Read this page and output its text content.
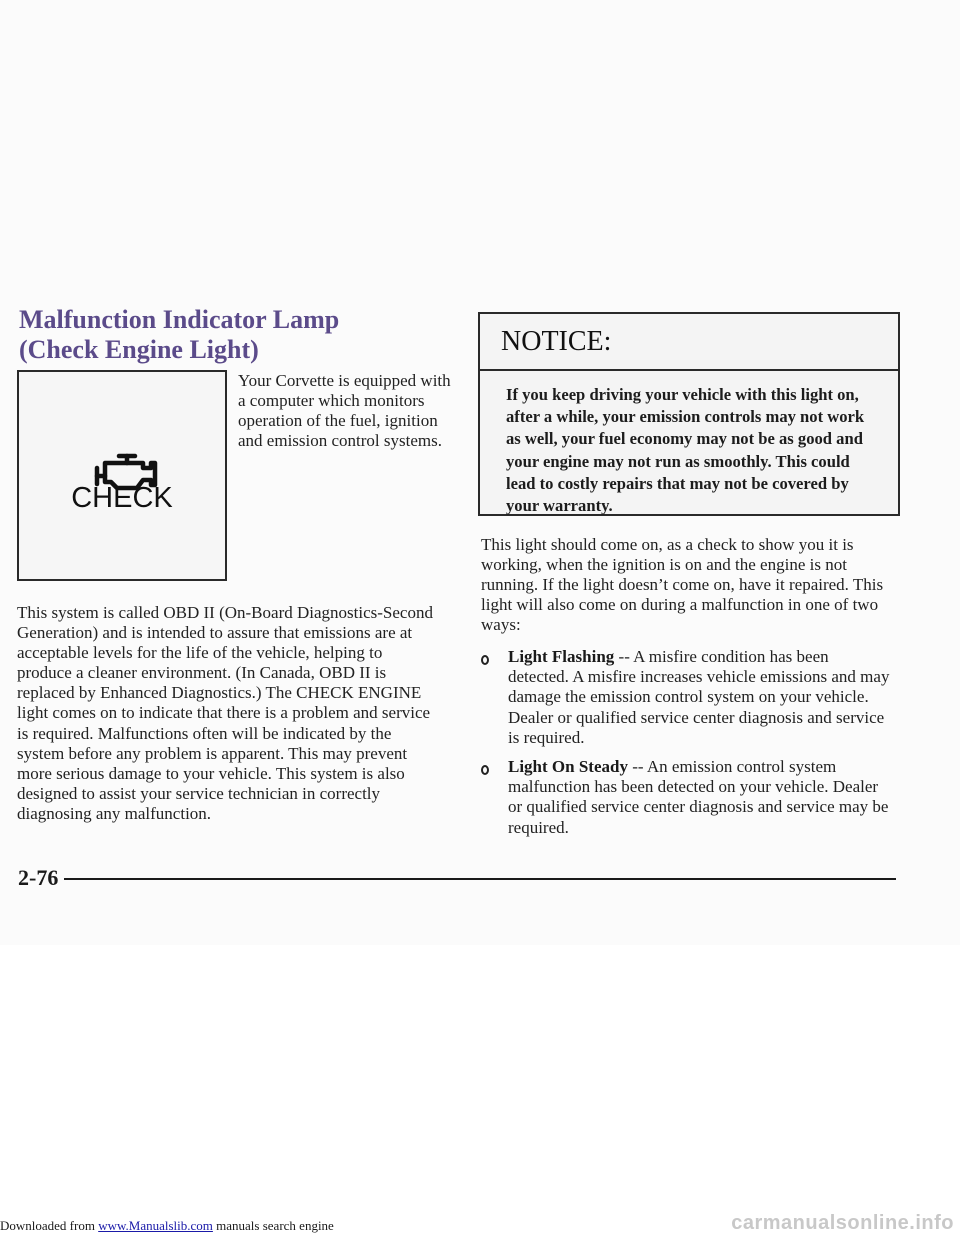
Malfunction Indicator Lamp
(Check Engine Light)
CHECK

Your Corvette is equipped with a computer which monitors operation of the fuel, ignition and emission control systems.

This system is called OBD II (On-Board Diagnostics-Second Generation) and is intended to assure that emissions are at acceptable levels for the life of the vehicle, helping to produce a cleaner environment. (In Canada, OBD II is replaced by Enhanced Diagnostics.) The CHECK ENGINE light comes on to indicate that there is a problem and service is required. Malfunctions often will be indicated by the system before any problem is apparent. This may prevent more serious damage to your vehicle. This system is also designed to assist your service technician in correctly diagnosing any malfunction.

NOTICE:

If you keep driving your vehicle with this light on, after a while, your emission controls may not work as well, your fuel economy may not be as good and your engine may not run as smoothly. This could lead to costly repairs that may not be covered by your warranty.

This light should come on, as a check to show you it is working, when the ignition is on and the engine is not running. If the light doesn’t come on, have it repaired. This light will also come on during a malfunction in one of two ways:

Light Flashing -- A misfire condition has been detected. A misfire increases vehicle emissions and may damage the emission control system on your vehicle. Dealer or qualified service center diagnosis and service is required.

Light On Steady -- An emission control system malfunction has been detected on your vehicle. Dealer or qualified service center diagnosis and service may be required.

2-76

Downloaded from www.Manualslib.com manuals search engine	carmanualsonline.info
